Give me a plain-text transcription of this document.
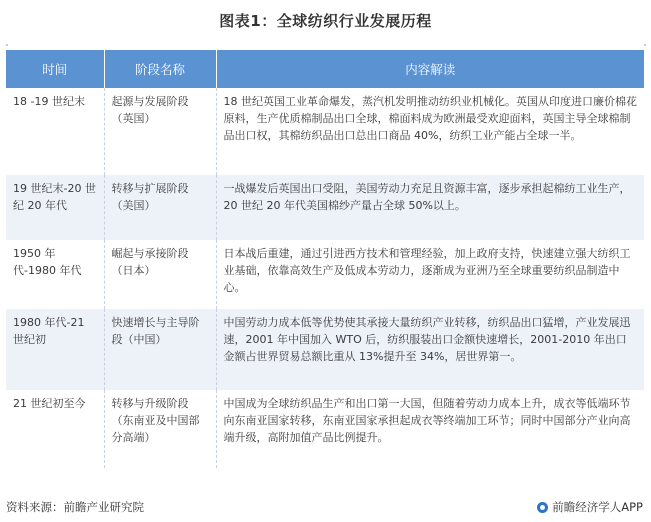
图表1：全球纺织行业发展历程
时间	阶段名称	内容解读
18 -19 世纪末	起源与发展阶段（英国）	18 世纪英国工业革命爆发，蒸汽机发明推动纺织业机械化。英国从印度进口廉价棉花原料，生产优质棉制品出口全球，棉面料成为欧洲最受欢迎面料，英国主导全球棉制品出口权，其棉纺织品出口总出口商品 40%，纺织工业产能占全球一半。
19 世纪末-20 世纪 20 年代	转移与扩展阶段（美国）	一战爆发后英国出口受阻，美国劳动力充足且资源丰富，逐步承担起棉纺工业生产，20 世纪 20 年代美国棉纱产量占全球 50%以上。
1950 年代-1980 年代	崛起与承接阶段（日本）	日本战后重建，通过引进西方技术和管理经验，加上政府支持，快速建立强大纺织工业基础，依靠高效生产及低成本劳动力，逐渐成为亚洲乃至全球重要纺织品制造中心。
1980 年代-21 世纪初	快速增长与主导阶段（中国）	中国劳动力成本低等优势使其承接大量纺织产业转移，纺织品出口猛增，产业发展迅速，2001 年中国加入 WTO 后，纺织服装出口金额快速增长，2001-2010 年出口金额占世界贸易总额比重从 13%提升至 34%，居世界第一。
21 世纪初至今	转移与升级阶段（东南亚及中国部分高端）	中国成为全球纺织品生产和出口第一大国，但随着劳动力成本上升，成衣等低端环节向东南亚国家转移，东南亚国家承担起成衣等终端加工环节；同时中国部分产业向高端升级，高附加值产品比例提升。
资料来源：前瞻产业研究院	前瞻经济学人APP
